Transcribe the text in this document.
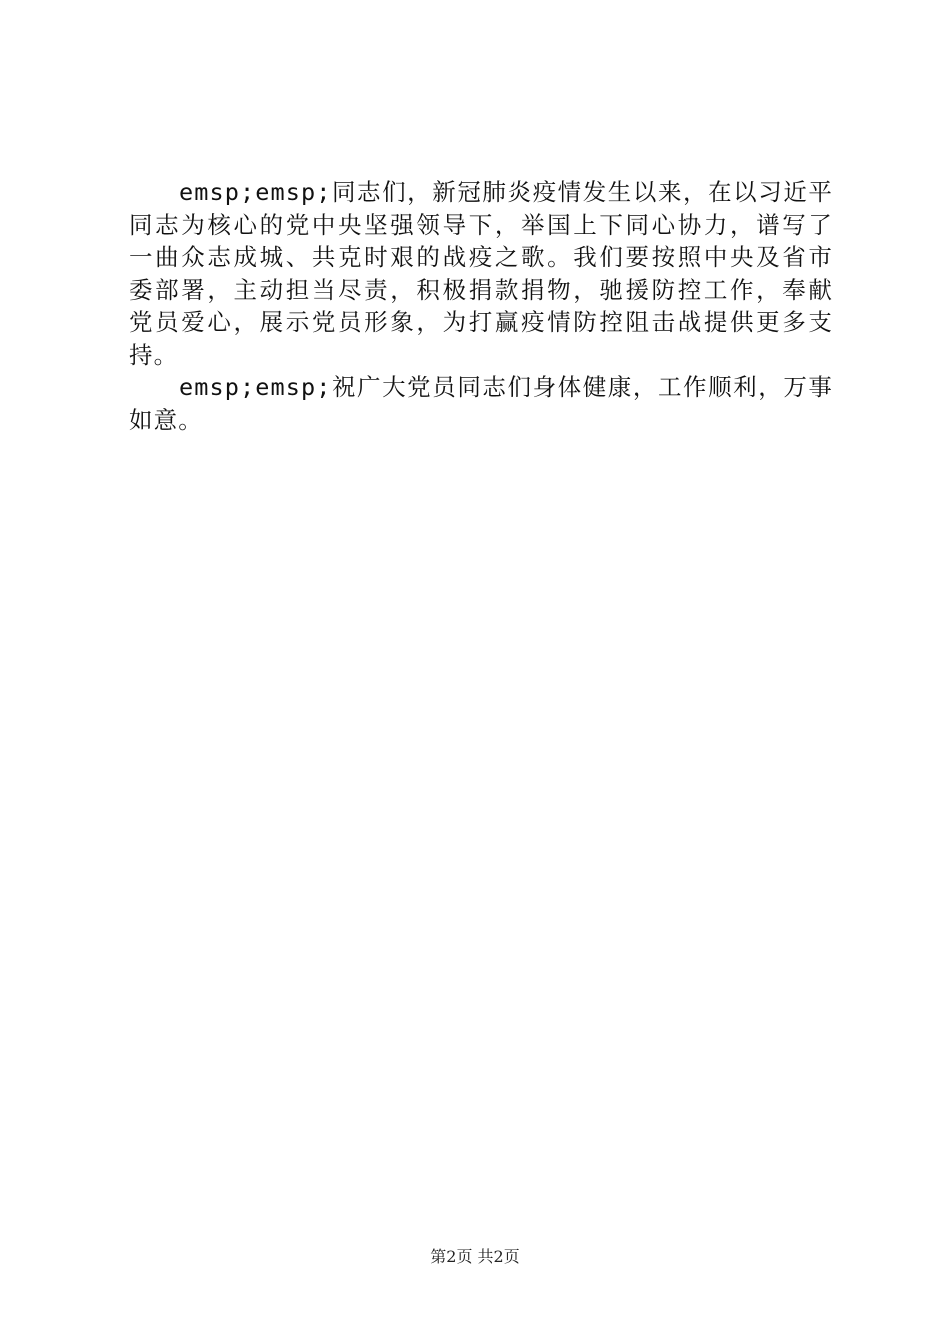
emsp;emsp;同志们，新冠肺炎疫情发生以来，在以习近平
同志为核心的党中央坚强领导下，举国上下同心协力，谱写了
一曲众志成城、共克时艰的战疫之歌。我们要按照中央及省市
委部署，主动担当尽责，积极捐款捐物，驰援防控工作，奉献
党员爱心，展示党员形象，为打赢疫情防控阻击战提供更多支
持。
emsp;emsp;祝广大党员同志们身体健康，工作顺利，万事
如意。
第2页 共2页
